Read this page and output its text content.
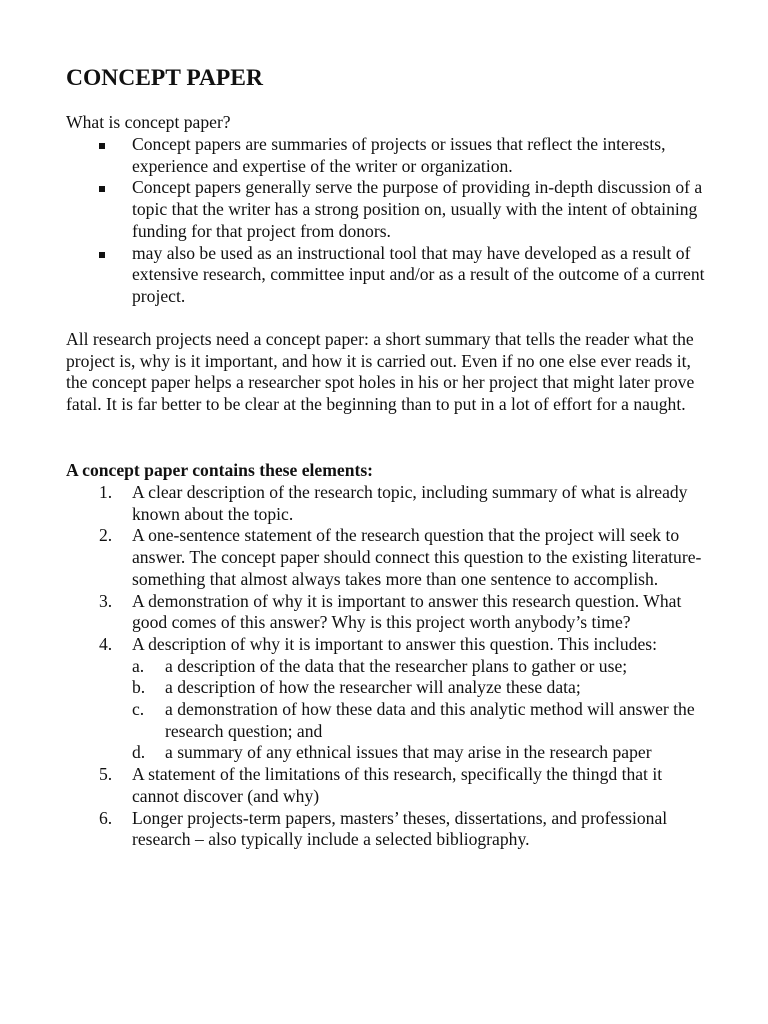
CONCEPT PAPER

What is concept paper?

Concept papers are summaries of projects or issues that reflect the interests, experience and expertise of the writer or organization.
Concept papers generally serve the purpose of providing in-depth discussion of a topic that the writer has a strong position on, usually with the intent of obtaining funding for that project from donors.
may also be used as an instructional tool that may have developed as a result of extensive research, committee input and/or as a result of the outcome of a current project.

All research projects need a concept paper: a short summary that tells the reader what the project is, why is it important, and how it is carried out. Even if no one else ever reads it, the concept paper helps a researcher spot holes in his or her project that might later prove fatal. It is far better to be clear at the beginning than to put in a lot of effort for a naught.

A concept paper contains these elements:
1. A clear description of the research topic, including summary of what is already known about the topic.
2. A one-sentence statement of the research question that the project will seek to answer. The concept paper should connect this question to the existing literature-something that almost always takes more than one sentence to accomplish.
3. A demonstration of why it is important to answer this research question. What good comes of this answer? Why is this project worth anybody’s time?
4. A description of why it is important to answer this question. This includes:
a. a description of the data that the researcher plans to gather or use;
b. a description of how the researcher will analyze these data;
c. a demonstration of how these data and this analytic method will answer the research question; and
d. a summary of any ethnical issues that may arise in the research paper
5. A statement of the limitations of this research, specifically the thingd that it cannot discover (and why)
6. Longer projects-term papers, masters’ theses, dissertations, and professional research – also typically include a selected bibliography.
